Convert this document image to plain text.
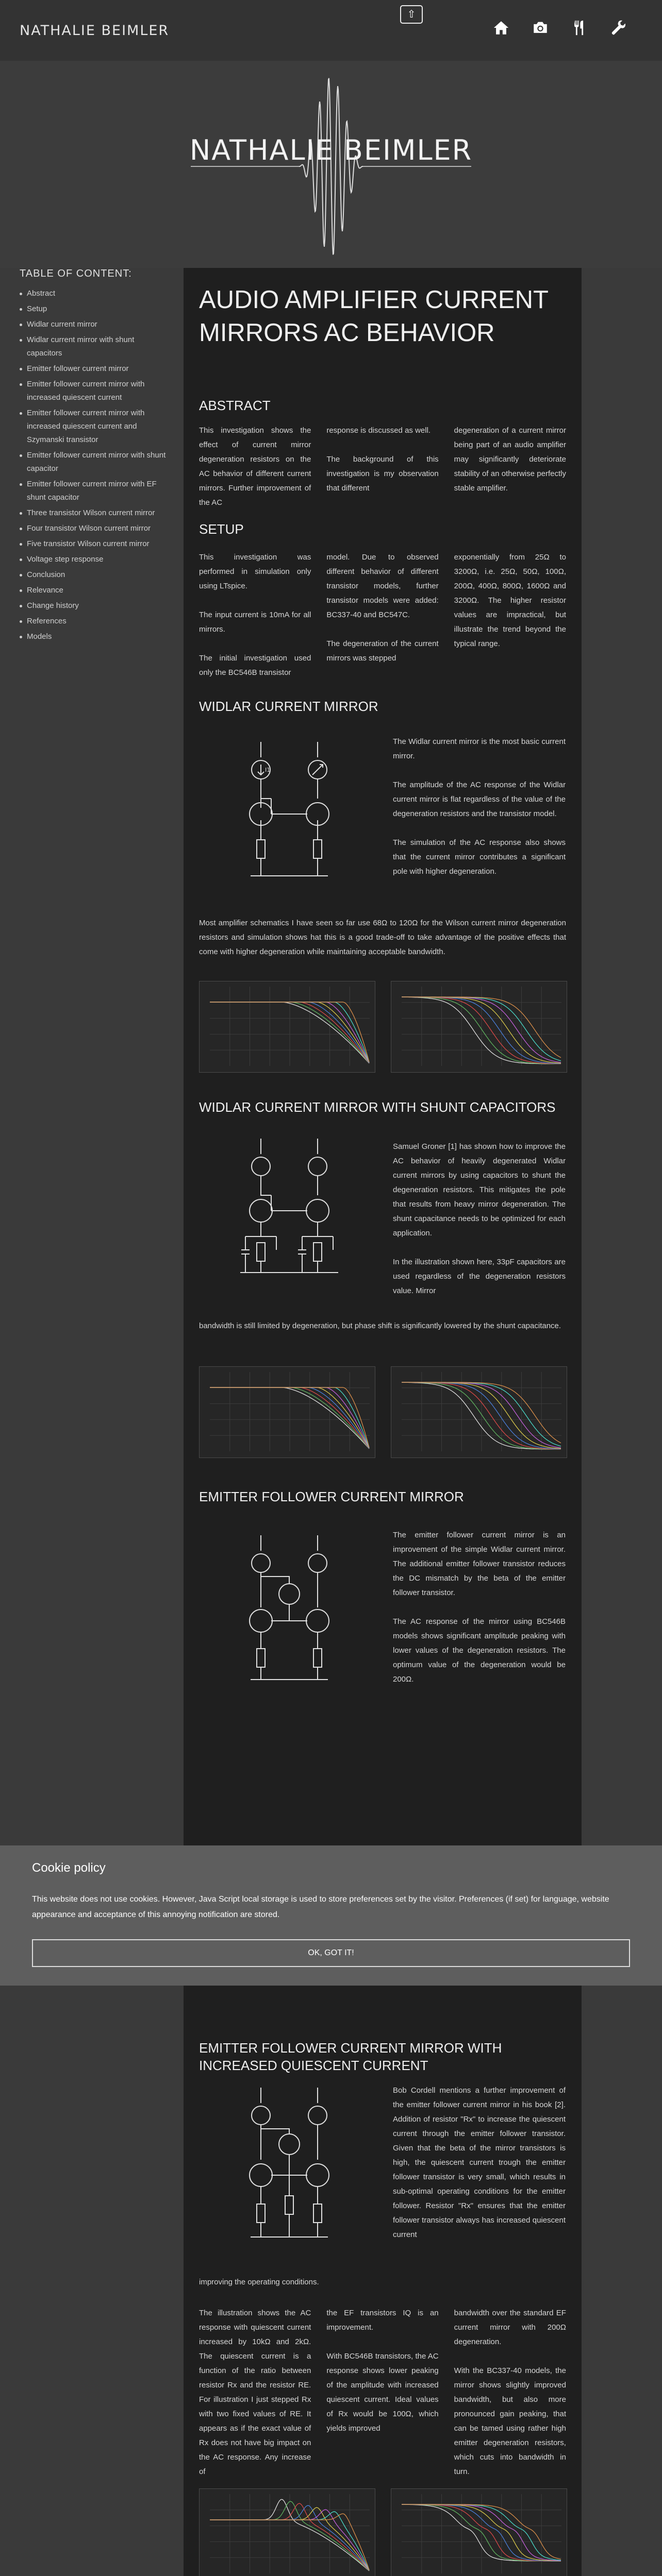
NATHALIE BEIMLER
⇧
NATHALIE BEIMLER
TABLE OF CONTENT:
Abstract
Setup
Widlar current mirror
Widlar current mirror with shunt capacitors
Emitter follower current mirror
Emitter follower current mirror with increased quiescent current
Emitter follower current mirror with increased quiescent current and Szymanski transistor
Emitter follower current mirror with shunt capacitor
Emitter follower current mirror with EF shunt capacitor
Three transistor Wilson current mirror
Four transistor Wilson current mirror
Five transistor Wilson current mirror
Voltage step response
Conclusion
Relevance
Change history
References
Models
AUDIO AMPLIFIER CURRENT MIRRORS AC BEHAVIOR
ABSTRACT

This investigation shows the effect of current mirror degeneration resistors on the AC behavior of different current mirrors. Further improvement of the AC

response is discussed as well.

The background of this investigation is my observation that different

degeneration of a current mirror being part of an audio amplifier may significantly deteriorate stability of an otherwise perfectly stable amplifier.

SETUP

This investigation was performed in simulation only using LTspice.

The input current is 10mA for all mirrors.

The initial investigation used only the BC546B transistor

model. Due to observed different behavior of different transistor models, further transistor models were added: BC337-40 and BC547C.

The degeneration of the current mirrors was stepped

exponentially from 25Ω to 3200Ω, i.e. 25Ω, 50Ω, 100Ω, 200Ω, 400Ω, 800Ω, 1600Ω and 3200Ω. The higher resistor values are impractical, but illustrate the trend beyond the typical range.

WIDLAR CURRENT MIRROR
I1

The Widlar current mirror is the most basic current mirror.

The amplitude of the AC response of the Widlar current mirror is flat regardless of the value of the degeneration resistors and the transistor model.

The simulation of the AC response also shows that the current mirror contributes a significant pole with higher degeneration.

Most amplifier schematics I have seen so far use 68Ω to 120Ω for the Wilson current mirror degeneration resistors and simulation shows hat this is a good trade-off to take advantage of the positive effects that come with higher degeneration while maintaining acceptable bandwidth.

WIDLAR CURRENT MIRROR WITH SHUNT CAPACITORS

Samuel Groner [1] has shown how to improve the AC behavior of heavily degenerated Widlar current mirrors by using capacitors to shunt the degeneration resistors. This mitigates the pole that results from heavy mirror degeneration. The shunt capacitance needs to be optimized for each application.

In the illustration shown here, 33pF capacitors are used regardless of the degeneration resistors value. Mirror

bandwidth is still limited by degeneration, but phase shift is significantly lowered by the shunt capacitance.

EMITTER FOLLOWER CURRENT MIRROR

The emitter follower current mirror is an improvement of the simple Widlar current mirror. The additional emitter follower transistor reduces the DC mismatch by the beta of the emitter follower transistor.

The AC response of the mirror using BC546B models shows significant amplitude peaking with lower values of the degeneration resistors. The optimum value of the degeneration would be 200Ω.

EMITTER FOLLOWER CURRENT MIRROR WITH INCREASED QUIESCENT CURRENT

Bob Cordell mentions a further improvement of the emitter follower current mirror in his book [2]. Addition of resistor "Rx" to increase the quiescent current through the emitter follower transistor. Given that the beta of the mirror transistors is high, the quiescent current trough the emitter follower transistor is very small, which results in sub-optimal operating conditions for the emitter follower. Resistor "Rx" ensures that the emitter follower transistor always has increased quiescent current

improving the operating conditions.

The illustration shows the AC response with quiescent current increased by 10kΩ and 2kΩ. The quiescent current is a function of the ratio between resistor Rx and the resistor RE. For illustration I just stepped Rx with two fixed values of RE. It appears as if the exact value of Rx does not have big impact on the AC response. Any increase of

the EF transistors IQ is an improvement.

With BC546B transistors, the AC response shows lower peaking of the amplitude with increased quiescent current. Ideal values of Rx would be 100Ω, which yields improved

bandwidth over the standard EF current mirror with 200Ω degeneration.

With the BC337-40 models, the mirror shows slightly improved bandwidth, but also more pronounced gain peaking, that can be tamed using rather high emitter degeneration resistors, which cuts into bandwidth in turn.

Cookie policy
This website does not use cookies. However, Java Script local storage is used to store preferences set by the visitor. Preferences (if set) for language, website appearance and acceptance of this annoying notification are stored.
OK, GOT IT!
